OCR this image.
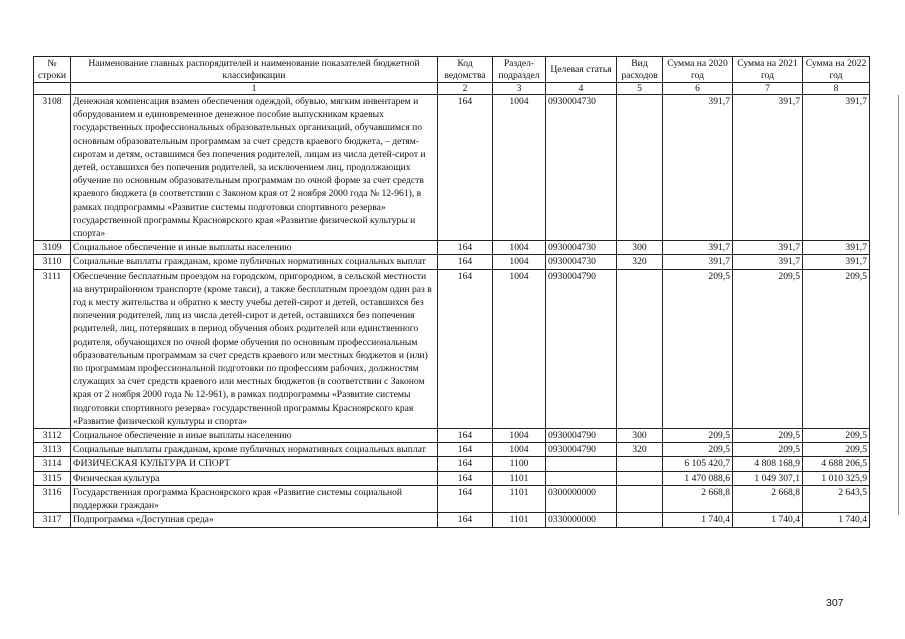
№ строки	Наименование главных распорядителей и наименование показателей бюджетной классификации	Код ведомства	Раздел-подраздел	Целевая статья	Вид расходов	Сумма на 2020 год	Сумма на 2021 год	Сумма на 2022 год
	1	2	3	4	5	6	7	8
3108	Денежная компенсация взамен обеспечения одеждой, обувью, мягким инвентарем и оборудованием и единовременное денежное пособие выпускникам краевых государственных профессиональных образовательных организаций, обучавшимся по основным образовательным программам за счет средств краевого бюджета, – детям-сиротам и детям, оставшимся без попечения родителей, лицам из числа детей-сирот и детей, оставшихся без попечения родителей, за исключением лиц, продолжающих обучение по основным образовательным программам по очной форме за счет средств краевого бюджета (в соответствии с Законом края от 2 ноября 2000 года № 12-961), в рамках подпрограммы «Развитие системы подготовки спортивного резерва» государственной программы Красноярского края «Развитие физической культуры и спорта»	164	1004	0930004730		391,7	391,7	391,7
3109	Социальное обеспечение и иные выплаты населению	164	1004	0930004730	300	391,7	391,7	391,7
3110	Социальные выплаты гражданам, кроме публичных нормативных социальных выплат	164	1004	0930004730	320	391,7	391,7	391,7
3111	Обеспечение бесплатным проездом на городском, пригородном, в сельской местности на внутрирайонном транспорте (кроме такси), а также бесплатным проездом один раз в год к месту жительства и обратно к месту учебы детей-сирот и детей, оставшихся без попечения родителей, лиц из числа детей-сирот и детей, оставшихся без попечения родителей, лиц, потерявших в период обучения обоих родителей или единственного родителя, обучающихся по очной форме обучения по основным профессиональным образовательным программам за счет средств краевого или местных бюджетов и (или) по программам профессиональной подготовки по профессиям рабочих, должностям служащих за счет средств краевого или местных бюджетов (в соответствии с Законом края от 2 ноября 2000 года № 12-961), в рамках подпрограммы «Развитие системы подготовки спортивного резерва» государственной программы Красноярского края «Развитие физической культуры и спорта»	164	1004	0930004790		209,5	209,5	209,5
3112	Социальное обеспечение и иные выплаты населению	164	1004	0930004790	300	209,5	209,5	209,5
3113	Социальные выплаты гражданам, кроме публичных нормативных социальных выплат	164	1004	0930004790	320	209,5	209,5	209,5
3114	ФИЗИЧЕСКАЯ КУЛЬТУРА И СПОРТ	164	1100			6 105 420,7	4 808 168,9	4 688 206,5
3115	Физическая культура	164	1101			1 470 088,6	1 049 307,1	1 010 325,9
3116	Государственная программа Красноярского края «Развитие системы социальной поддержки граждан»	164	1101	0300000000		2 668,8	2 668,8	2 643,5
3117	Подпрограмма «Доступная среда»	164	1101	0330000000		1 740,4	1 740,4	1 740,4
307
